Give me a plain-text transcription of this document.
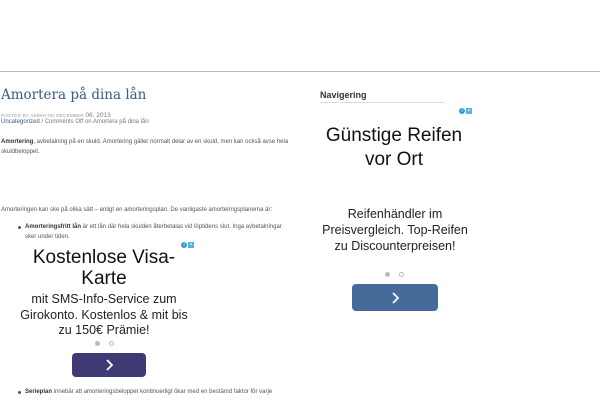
Amortera på dina lån
POSTED BY ADMIN ON DECEMBER 06, 2013
Uncategorized / Comments Off on Amortera på dina lån
Amortering, avbetalning på en skuld. Amortering gäller normalt delar av en skuld, men kan också avse hela skuldbeloppet.
Amorteringen kan ske på olika sätt – enligt en amorteringsplan. De vanligaste amorteringsplanerna är:
Amorteringsfritt lån är ett lån där hela skulden återbetalas vid löptidens slut. Inga avbetalningar sker under tiden.
Serieplan innebär att amorteringsbeloppet kontinuerligt ökar med en bestämd faktor för varje
i ×
Kostenlose Visa-Karte
mit SMS-Info-Service zum Girokonto. Kostenlos & mit bis zu 150€ Prämie!
Navigering
i ×
Günstige Reifen vor Ort
Reifenhändler im Preisvergleich. Top-Reifen zu Discounterpreisen!
